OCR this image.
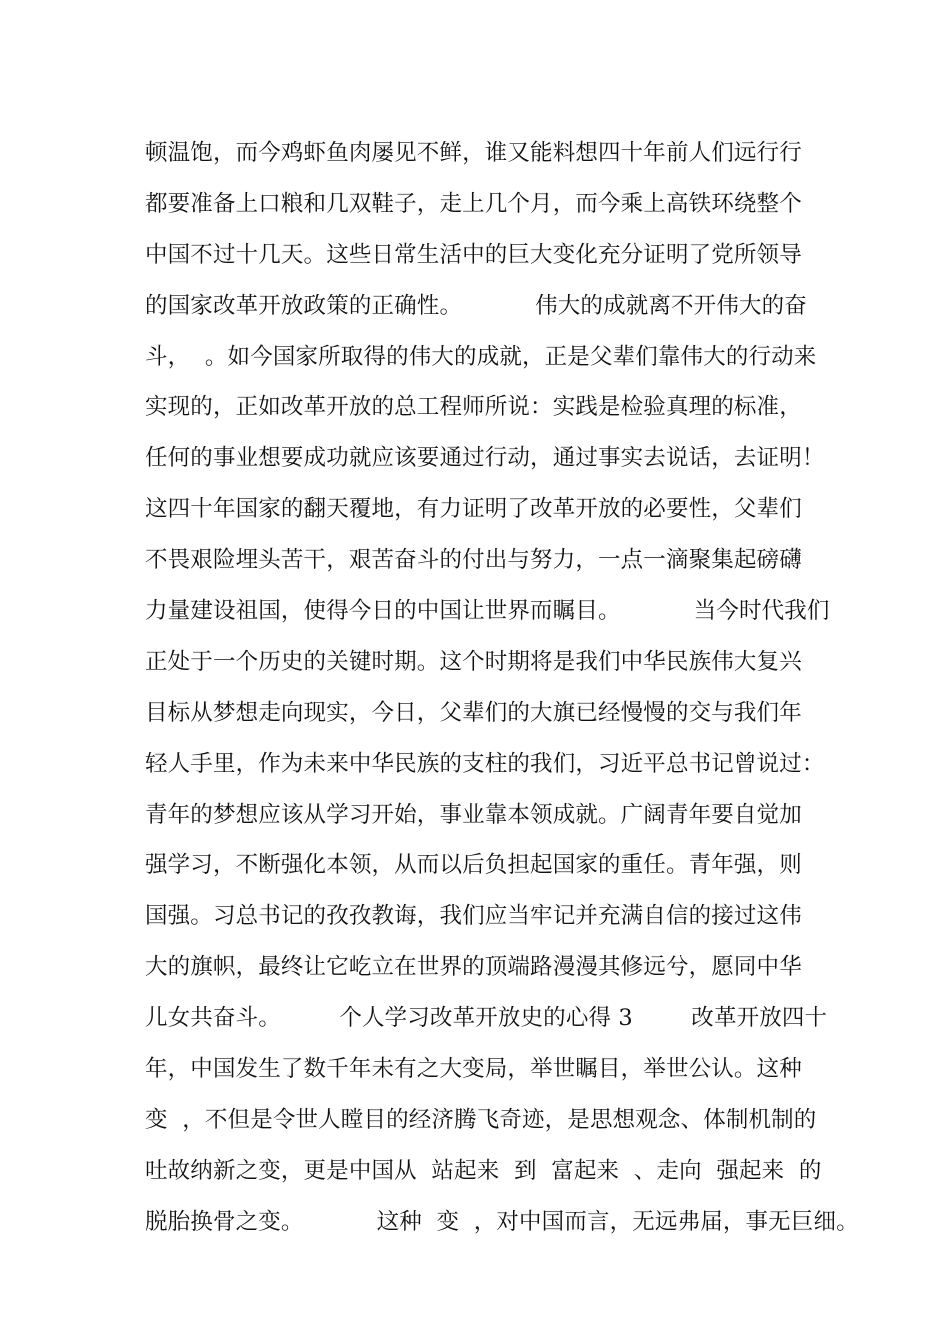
顿温饱，而今鸡虾鱼肉屡见不鲜，谁又能料想四十年前人们远行行
都要准备上口粮和几双鞋子，走上几个月，而今乘上高铁环绕整个
中国不过十几天。这些日常生活中的巨大变化充分证明了党所领导
的国家改革开放政策的正确性。          伟大的成就离不开伟大的奋
斗，  。如今国家所取得的伟大的成就，正是父辈们靠伟大的行动来
实现的，正如改革开放的总工程师所说：实践是检验真理的标准，
任何的事业想要成功就应该要通过行动，通过事实去说话，去证明！
这四十年国家的翻天覆地，有力证明了改革开放的必要性，父辈们
不畏艰险埋头苦干，艰苦奋斗的付出与努力，一点一滴聚集起磅礴
力量建设祖国，使得今日的中国让世界而瞩目。          当今时代我们
正处于一个历史的关键时期。这个时期将是我们中华民族伟大复兴
目标从梦想走向现实，今日，父辈们的大旗已经慢慢的交与我们年
轻人手里，作为未来中华民族的支柱的我们，习近平总书记曾说过：
青年的梦想应该从学习开始，事业靠本领成就。广阔青年要自觉加
强学习，不断强化本领，从而以后负担起国家的重任。青年强，则
国强。习总书记的孜孜教诲，我们应当牢记并充满自信的接过这伟
大的旗帜，最终让它屹立在世界的顶端路漫漫其修远兮，愿同中华
儿女共奋斗。        个人学习改革开放史的心得 3        改革开放四十
年，中国发生了数千年未有之大变局，举世瞩目，举世公认。这种
变  ，不但是令世人瞠目的经济腾飞奇迹，是思想观念、体制机制的
吐故纳新之变，更是中国从  站起来  到  富起来  、走向  强起来  的
脱胎换骨之变。          这种  变  ，对中国而言，无远弗届，事无巨细。
